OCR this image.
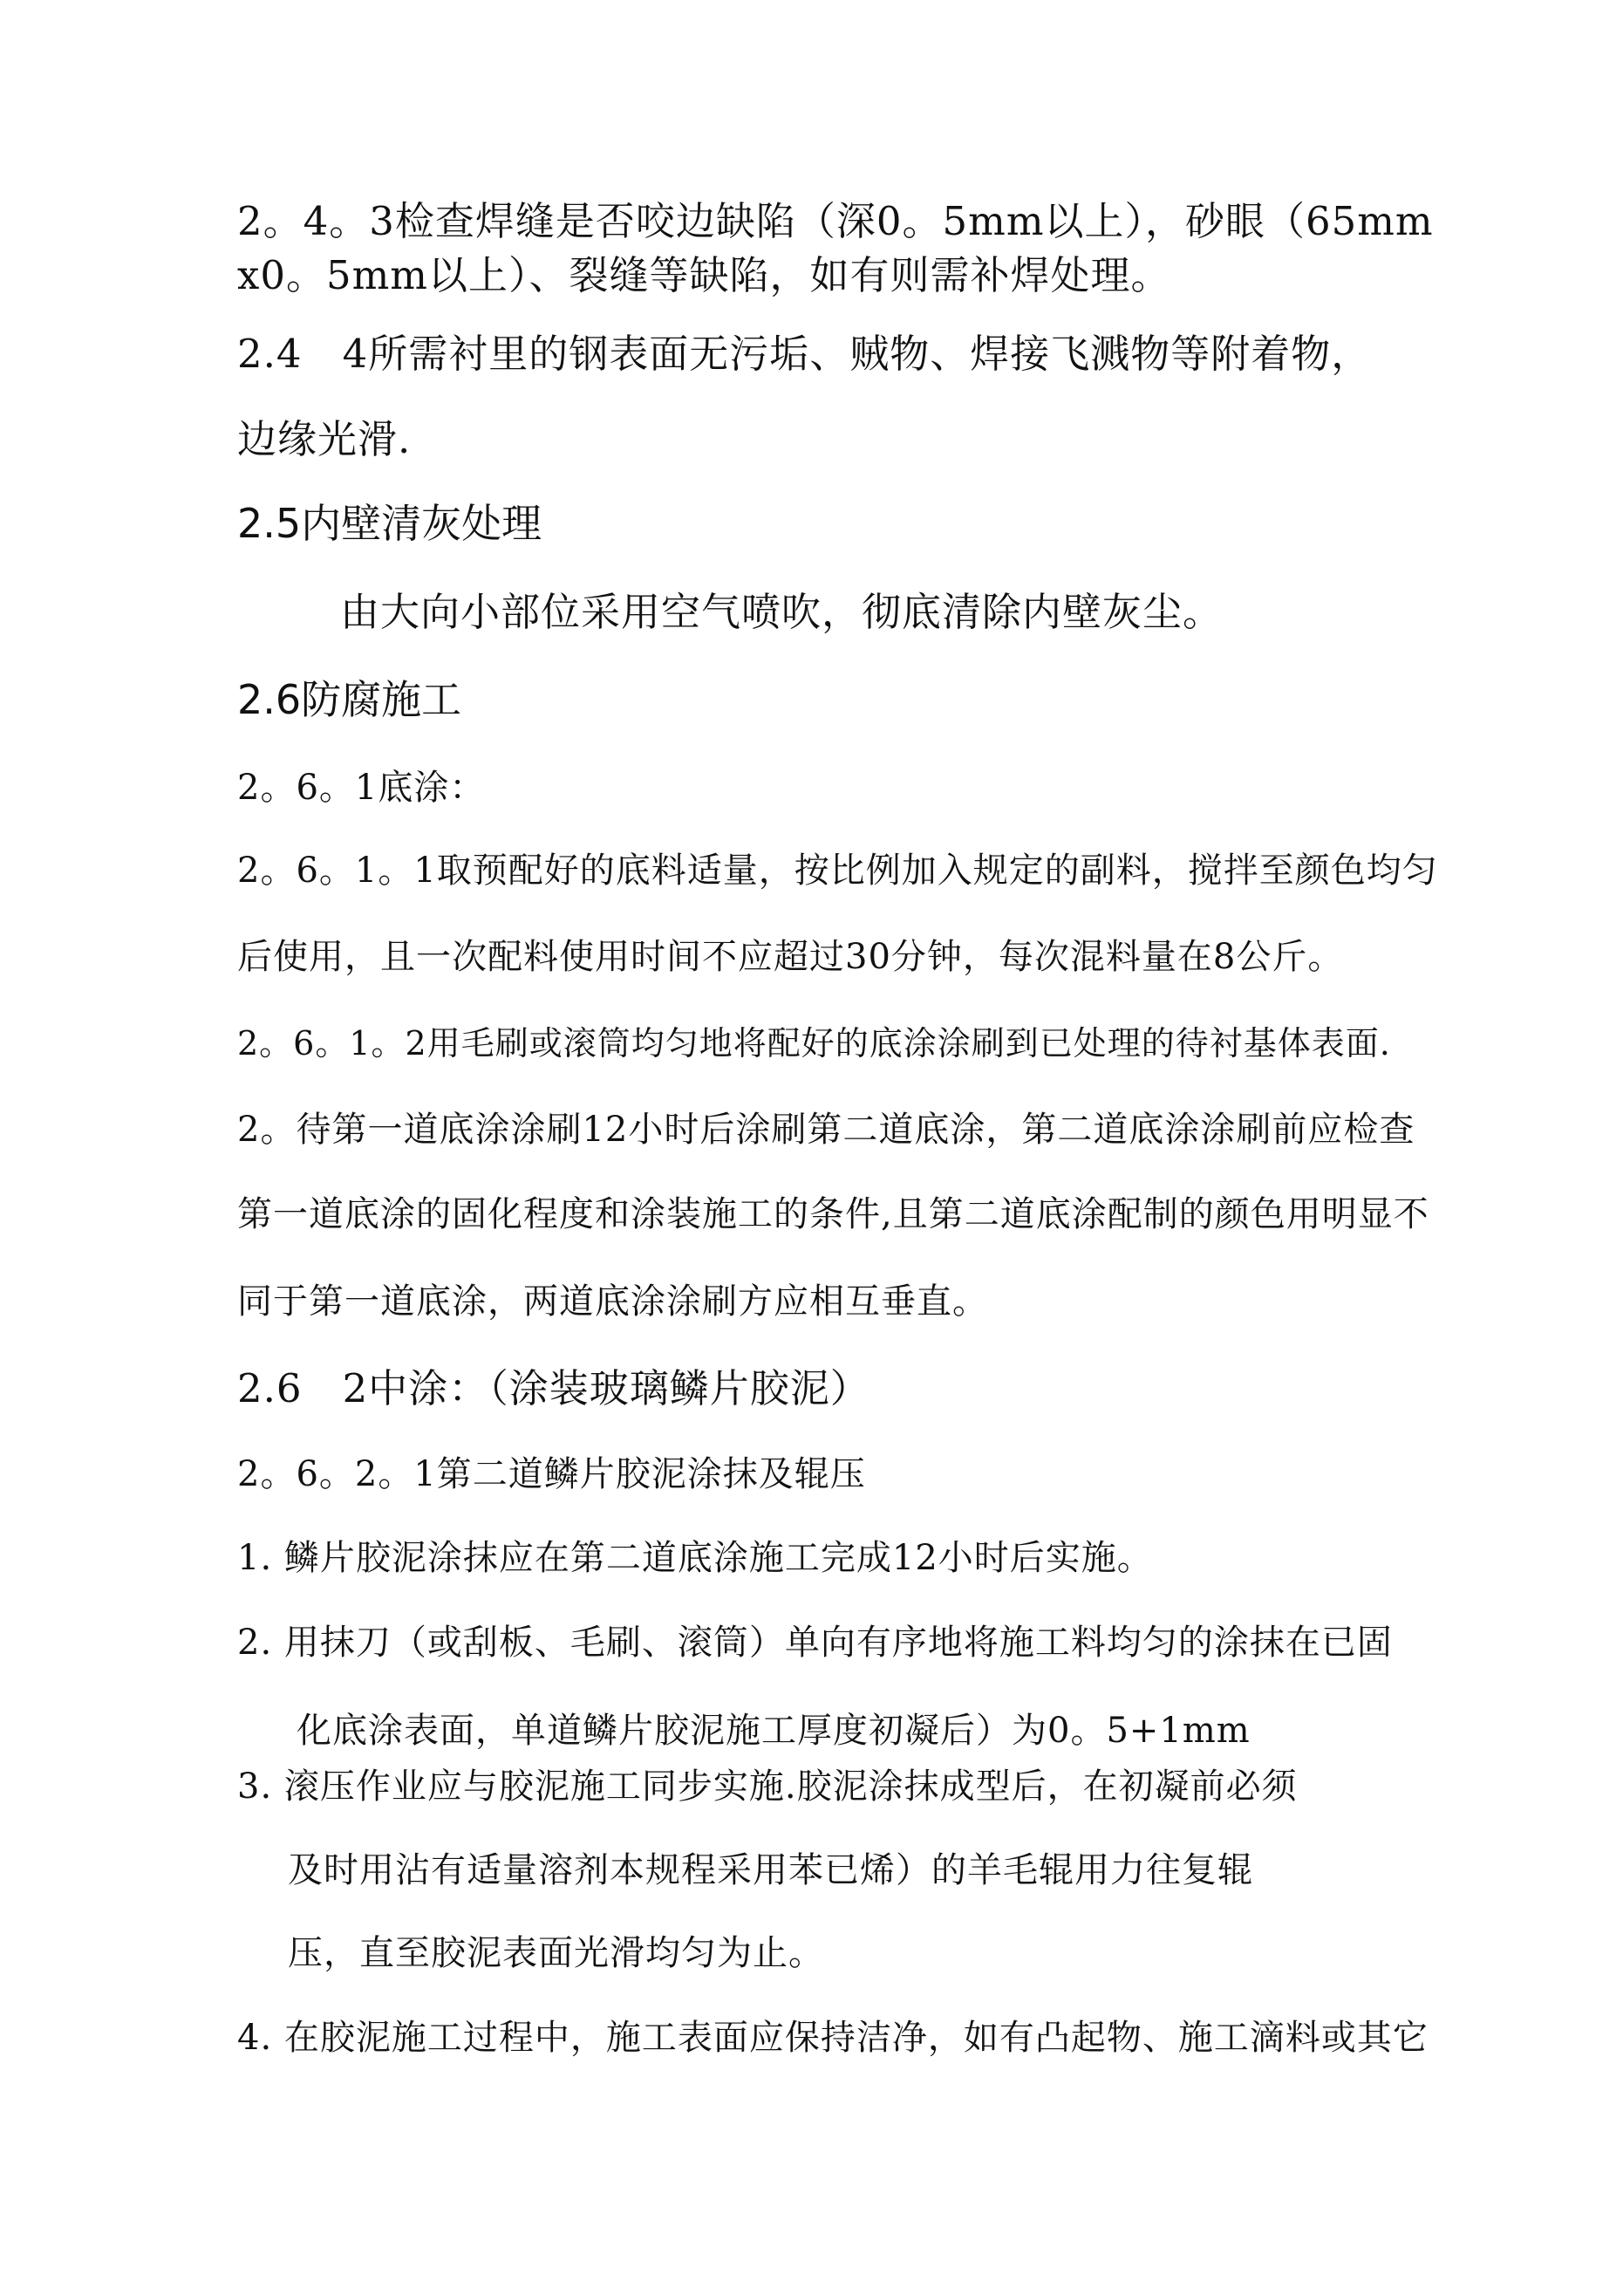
2。4。3检查焊缝是否咬边缺陷（深0。5mm以上），砂眼（65mm
x0。5mm以上）、裂缝等缺陷，如有则需补焊处理。
2.4　4所需衬里的钢表面无污垢、贼物、焊接飞溅物等附着物，
边缘光滑.
2.5内壁清灰处理
由大向小部位采用空气喷吹，彻底清除内壁灰尘。
2.6防腐施工
2。6。1底涂：
2。6。1。1取预配好的底料适量，按比例加入规定的副料，搅拌至颜色均匀
后使用，且一次配料使用时间不应超过30分钟，每次混料量在8公斤。
2。6。1。2用毛刷或滚筒均匀地将配好的底涂涂刷到已处理的待衬基体表面.
2。待第一道底涂涂刷12小时后涂刷第二道底涂，第二道底涂涂刷前应检查
第一道底涂的固化程度和涂装施工的条件,且第二道底涂配制的颜色用明显不
同于第一道底涂，两道底涂涂刷方应相互垂直。
2.6　2中涂：（涂装玻璃鳞片胶泥）
2。6。2。1第二道鳞片胶泥涂抹及辊压
1. 鳞片胶泥涂抹应在第二道底涂施工完成12小时后实施。
2. 用抹刀（或刮板、毛刷、滚筒）单向有序地将施工料均匀的涂抹在已固
化底涂表面，单道鳞片胶泥施工厚度初凝后）为0。5+1mm
3. 滚压作业应与胶泥施工同步实施.胶泥涂抹成型后，在初凝前必须
及时用沾有适量溶剂本规程采用苯已烯）的羊毛辊用力往复辊
压，直至胶泥表面光滑均匀为止。
4. 在胶泥施工过程中，施工表面应保持洁净，如有凸起物、施工滴料或其它
